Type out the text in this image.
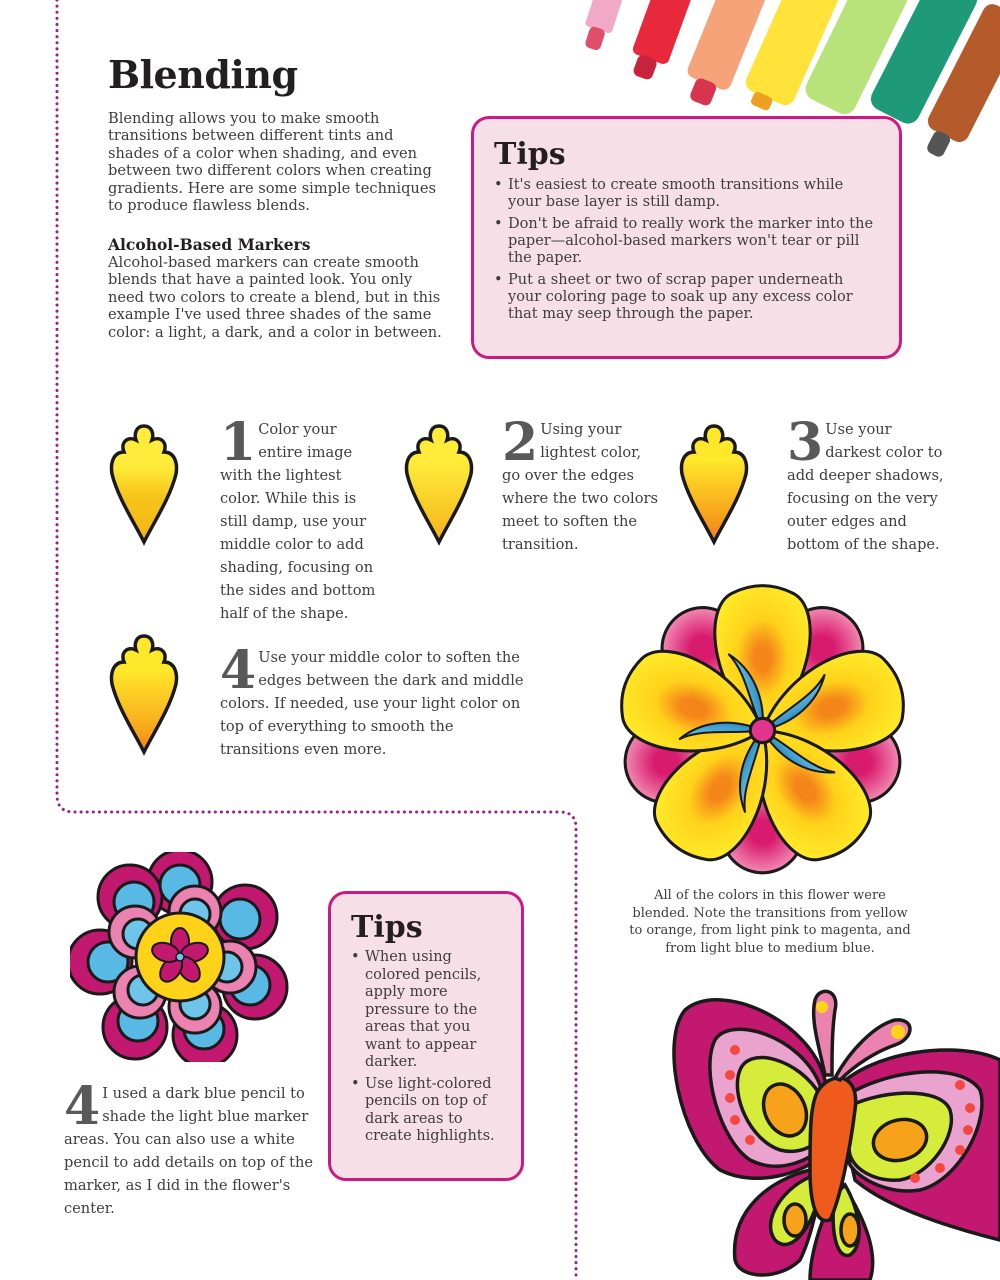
Blending

Blending allows you to make smooth transitions between different tints and shades of a color when shading, and even between two different colors when creating gradients. Here are some simple techniques to produce flawless blends.

Alcohol-Based Markers

Alcohol-based markers can create smooth blends that have a painted look. You only need two colors to create a blend, but in this example I've used three shades of the same color: a light, a dark, and a color in between.

Tips
• It's easiest to create smooth transitions while your base layer is still damp.
• Don't be afraid to really work the marker into the paper—alcohol-based markers won't tear or pill the paper.
• Put a sheet or two of scrap paper underneath your coloring page to soak up any excess color that may seep through the paper.
1 Color your entire image with the lightest color. While this is still damp, use your middle color to add shading, focusing on the sides and bottom half of the shape.
2 Using your lightest color, go over the edges where the two colors meet to soften the transition.
3 Use your darkest color to add deeper shadows, focusing on the very outer edges and bottom of the shape.
4 Use your middle color to soften the edges between the dark and middle colors. If needed, use your light color on top of everything to smooth the transitions even more.

All of the colors in this flower were blended. Note the transitions from yellow to orange, from light pink to magenta, and from light blue to medium blue.

Tips
• When using colored pencils, apply more pressure to the areas that you want to appear darker.
• Use light-colored pencils on top of dark areas to create highlights.
4 I used a dark blue pencil to shade the light blue marker areas. You can also use a white pencil to add details on top of the marker, as I did in the flower's center.
